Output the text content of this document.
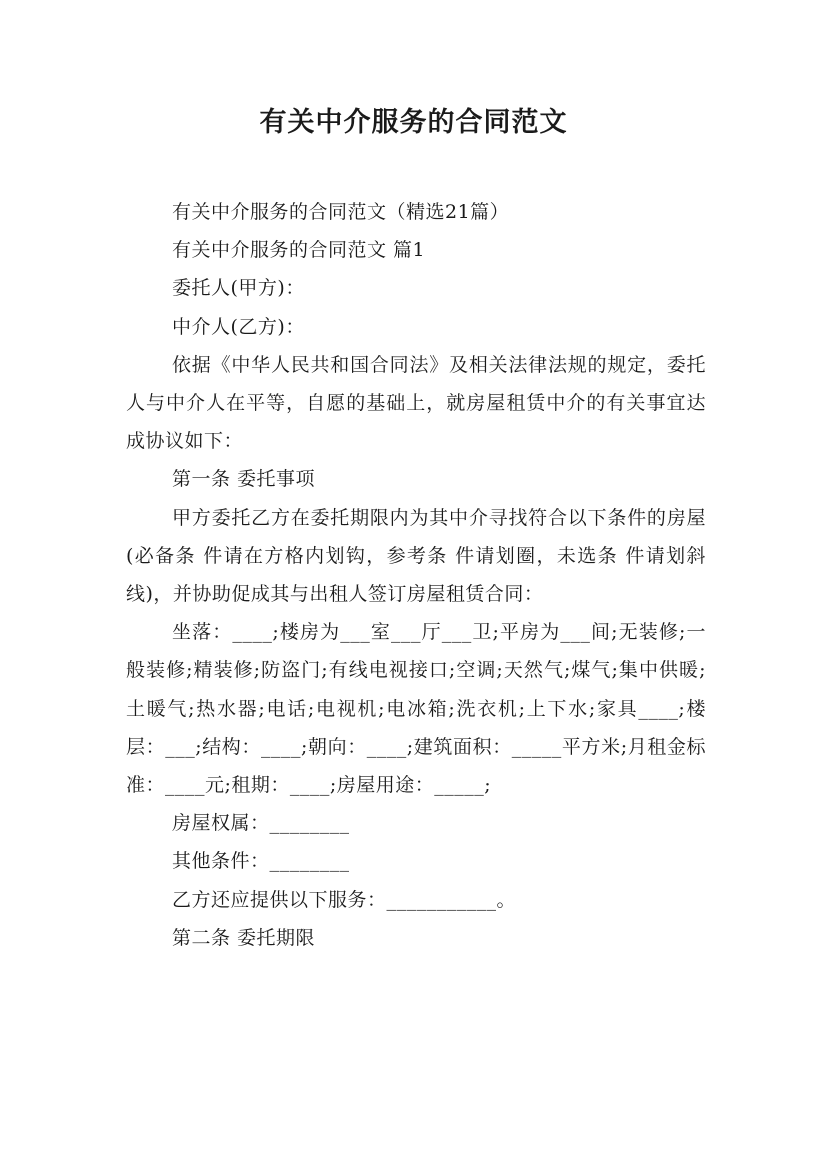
有关中介服务的合同范文

有关中介服务的合同范文（精选21篇）

有关中介服务的合同范文 篇1

委托人(甲方)：

中介人(乙方)：

依据《中华人民共和国合同法》及相关法律法规的规定，委托人与中介人在平等，自愿的基础上，就房屋租赁中介的有关事宜达成协议如下：

第一条 委托事项

甲方委托乙方在委托期限内为其中介寻找符合以下条件的房屋(必备条 件请在方格内划钩，参考条 件请划圈，未选条 件请划斜线)，并协助促成其与出租人签订房屋租赁合同：

坐落：____;楼房为___室___厅___卫;平房为___间;无装修;一般装修;精装修;防盗门;有线电视接口;空调;天然气;煤气;集中供暖;土暖气;热水器;电话;电视机;电冰箱;洗衣机;上下水;家具____;楼层：___;结构：____;朝向：____;建筑面积：_____平方米;月租金标准：____元;租期：____;房屋用途：_____;

房屋权属：________

其他条件：________

乙方还应提供以下服务：___________。

第二条 委托期限
